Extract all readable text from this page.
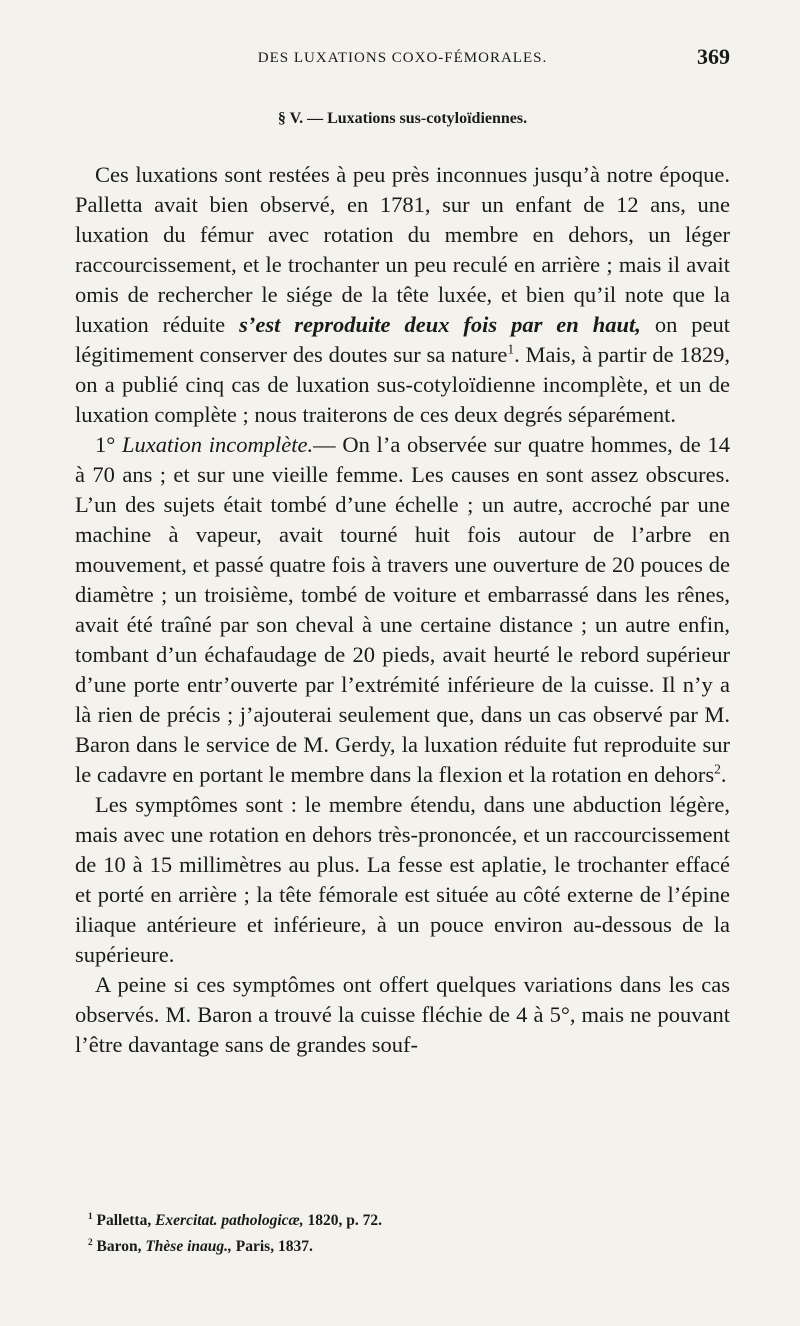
DES LUXATIONS COXO-FÉMORALES.	369
§ V. — Luxations sus-cotyloïdiennes.

Ces luxations sont restées à peu près inconnues jusqu’à notre époque. Palletta avait bien observé, en 1781, sur un enfant de 12 ans, une luxation du fémur avec rotation du membre en dehors, un léger raccourcissement, et le trochanter un peu reculé en arrière ; mais il avait omis de rechercher le siége de la tête luxée, et bien qu’il note que la luxation réduite s’est reproduite deux fois par en haut, on peut légitimement conserver des doutes sur sa nature$^1$. Mais, à partir de 1829, on a publié cinq cas de luxation sus-cotyloïdienne incomplète, et un de luxation complète ; nous traiterons de ces deux degrés séparément.

1° Luxation incomplète.— On l’a observée sur quatre hommes, de 14 à 70 ans ; et sur une vieille femme. Les causes en sont assez obscures. L’un des sujets était tombé d’une échelle ; un autre, accroché par une machine à vapeur, avait tourné huit fois autour de l’arbre en mouvement, et passé quatre fois à travers une ouverture de 20 pouces de diamètre ; un troisième, tombé de voiture et embarrassé dans les rênes, avait été traîné par son cheval à une certaine distance ; un autre enfin, tombant d’un échafaudage de 20 pieds, avait heurté le rebord supérieur d’une porte entr’ouverte par l’extrémité inférieure de la cuisse. Il n’y a là rien de précis ; j’ajouterai seulement que, dans un cas observé par M. Baron dans le service de M. Gerdy, la luxation réduite fut reproduite sur le cadavre en portant le membre dans la flexion et la rotation en dehors$^2$.

Les symptômes sont : le membre étendu, dans une abduction légère, mais avec une rotation en dehors très-prononcée, et un raccourcissement de 10 à 15 millimètres au plus. La fesse est aplatie, le trochanter effacé et porté en arrière ; la tête fémorale est située au côté externe de l’épine iliaque antérieure et inférieure, à un pouce environ au-dessous de la supérieure.

A peine si ces symptômes ont offert quelques variations dans les cas observés. M. Baron a trouvé la cuisse fléchie de 4 à 5°, mais ne pouvant l’être davantage sans de grandes souf-

$^1$ Palletta, Exercitat. pathologicæ, 1820, p. 72.
$^2$ Baron, Thèse inaug., Paris, 1837.
